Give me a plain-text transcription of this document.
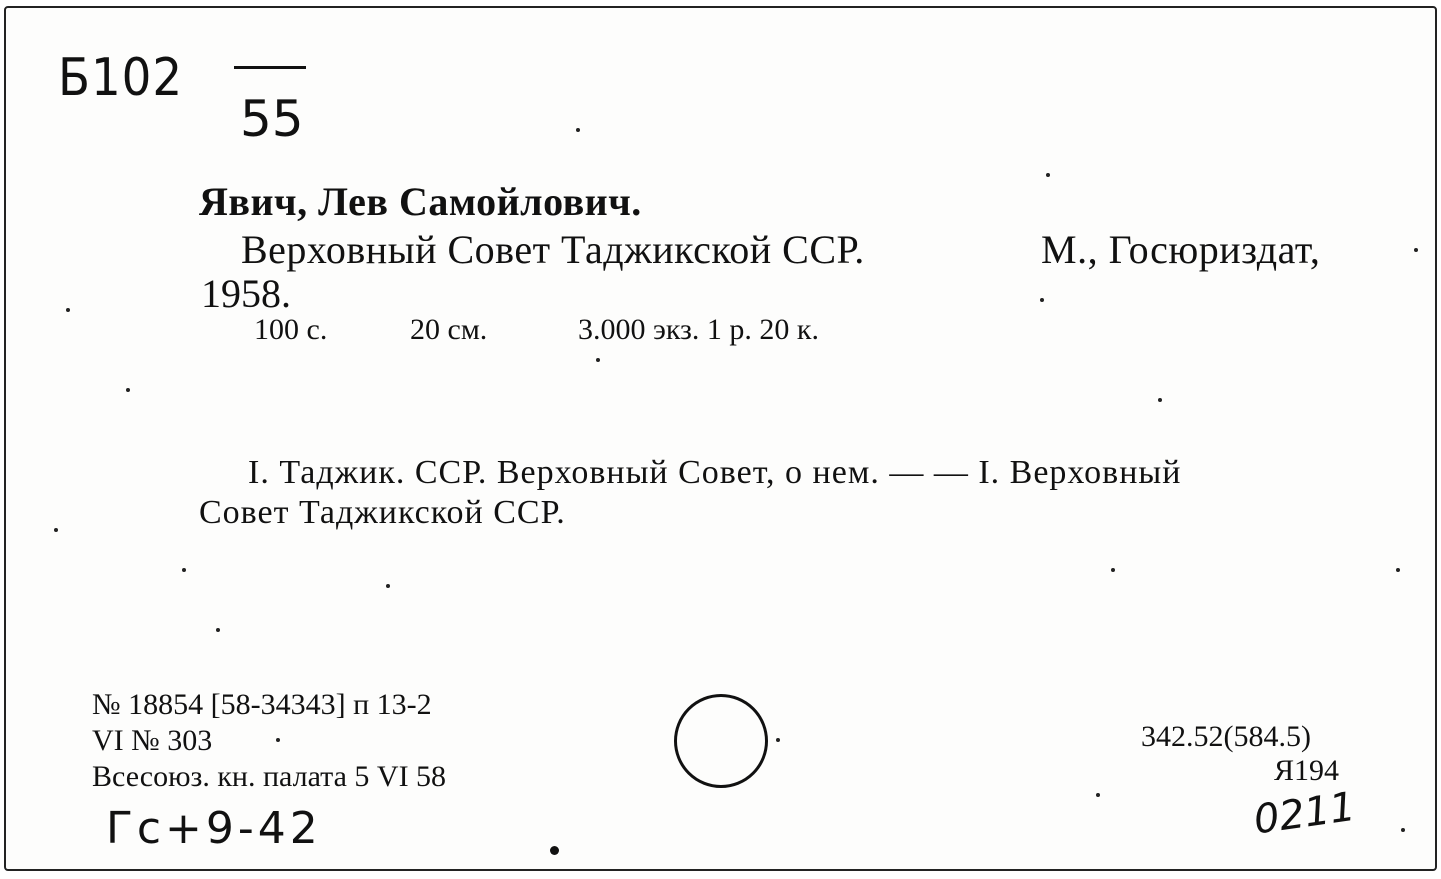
Б102
55
Явич, Лев Самойлович.
Верховный Совет Таджикской ССР.	М., Госюриздат,
1958.
100 с.	20 см.	3.000 экз. 1 р. 20 к.
I. Таджик. ССР. Верховный Совет, о нем. — — I. Верховный
Совет Таджикской ССР.
№ 18854 [58-34343] п 13-2
VI № 303
Всесоюз. кн. палата 5 VI 58
342.52(584.5)
Я194
Гс+9-42	0211
